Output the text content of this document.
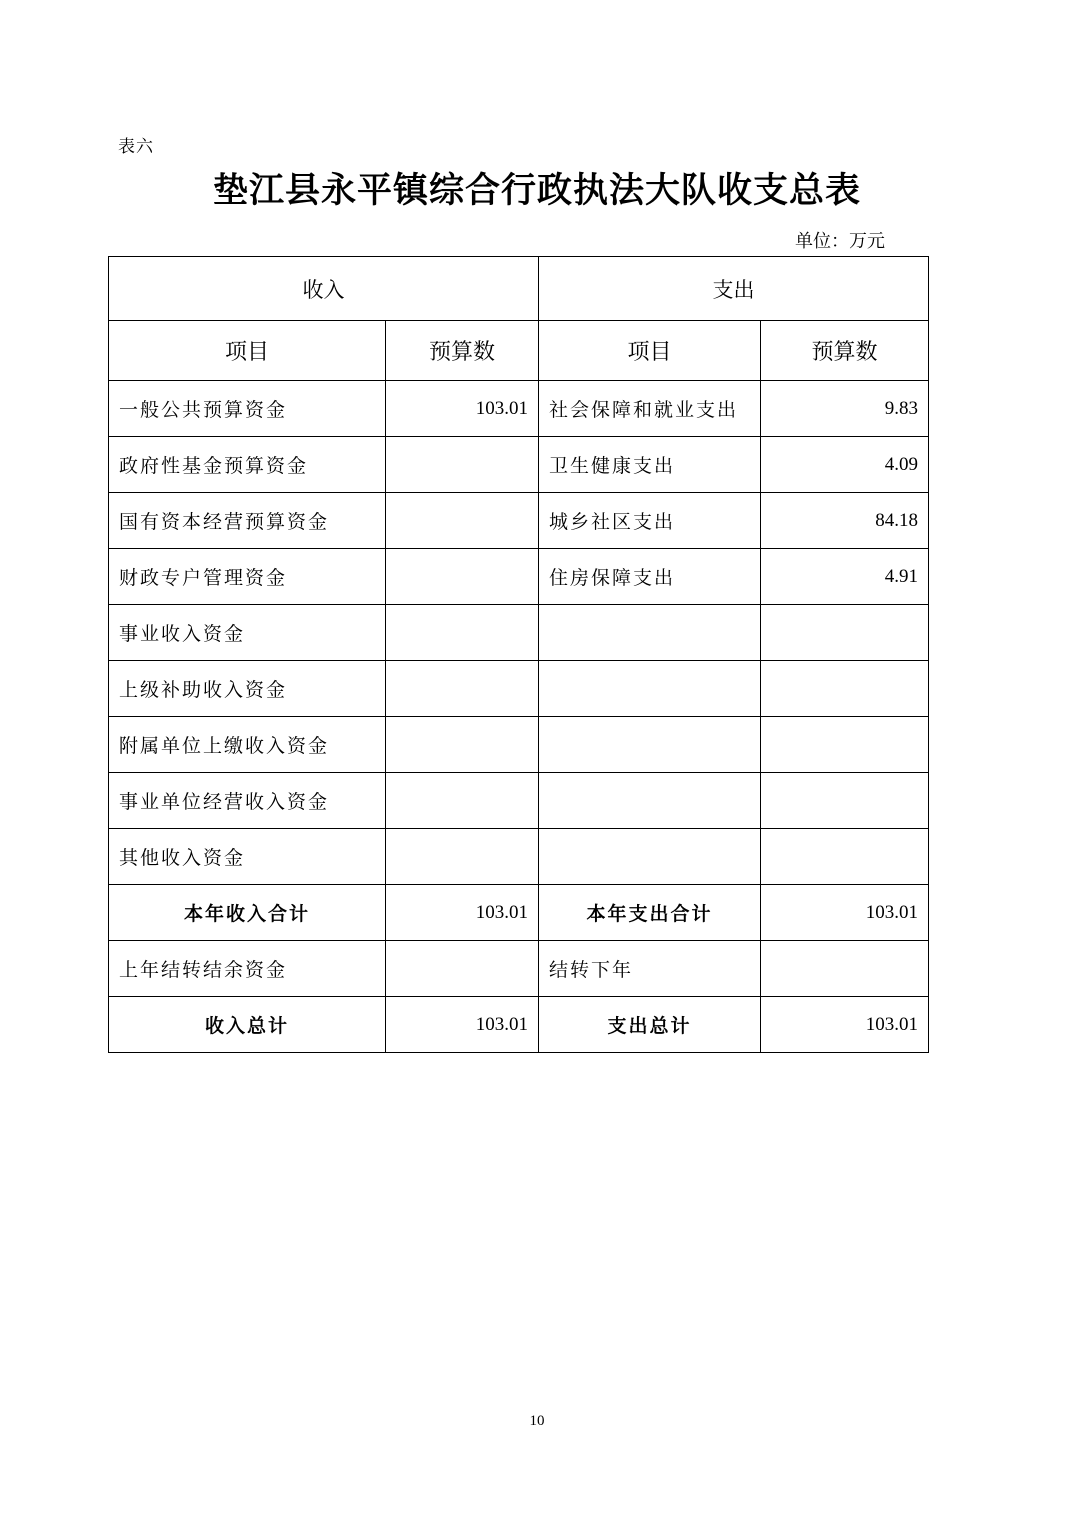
表六
垫江县永平镇综合行政执法大队收支总表
单位：万元
收入		支出	
项目	预算数	项目	预算数
一般公共预算资金	103.01	社会保障和就业支出	9.83
政府性基金预算资金		卫生健康支出	4.09
国有资本经营预算资金		城乡社区支出	84.18
财政专户管理资金		住房保障支出	4.91
事业收入资金			
上级补助收入资金			
附属单位上缴收入资金			
事业单位经营收入资金			
其他收入资金			
本年收入合计	103.01	本年支出合计	103.01
上年结转结余资金		结转下年	
收入总计	103.01	支出总计	103.01
10
